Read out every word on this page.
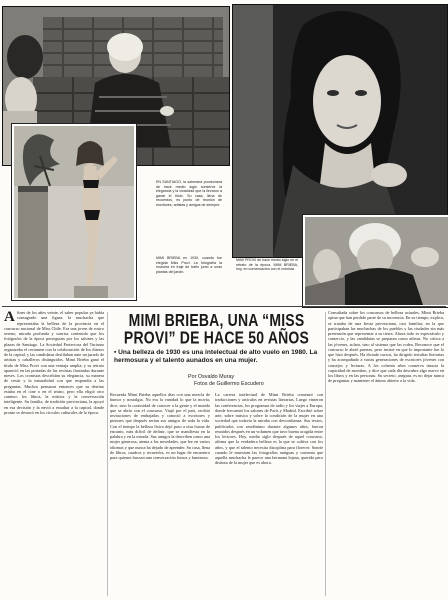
EN SANTIAGO, la soberana provinciana de hace medio siglo conserva la elegancia y la vivacidad que la llevaron a ganar el título. Su casa, llena de recuerdos, es punto de reunión de escritores, artistas y amigos de siempre.
MIMI BRIEBA en 1930, cuando fue elegida Miss Provi. La fotografía la muestra en traje de baño junto a unas plantas del jardín.
MIMI PROVI de hace medio siglo en el retrato de la época. MIMI BRIEBA, hoy, en conversación con el cronista.
MIMI BRIEBA, UNA “MISS
PROVI” DE HACE 50 AÑOS
▪ Una belleza de 1930 es una intelectual de alto vuelo en 1980. La hermosura y el talento aunados en una mujer.
Por Osvaldo Muray
Fotos de Guillermo Escudero
A fines de los años veinte, el saber popular ya había consagrado una figura, la muchacha que representaba la belleza de la provincia en el concurso nacional de Miss Chile. Era una joven de rostro sereno, mirada profunda y sonrisa contenida que los fotógrafos de la época perseguían por los salones y las plazas de Santiago. La Sociedad Protectora del Turismo organizaba el certamen con la colaboración de los diarios de la capital, y las candidatas desfilaban ante un jurado de artistas y caballeros distinguidos. Mimi Brieba ganó el título de Miss Provi con una ventaja amplia, y su retrato apareció en las portadas de las revistas ilustradas durante meses. Los cronistas describían su elegancia, su manera de vestir y la naturalidad con que respondía a las preguntas. Muchos pensaron entonces que su destino estaba en el cine o en el teatro, pero ella eligió otro camino: los libros, la música y la conversación inteligente. Su familia, de tradición provinciana, la apoyó en esa decisión y la envió a estudiar a la capital, donde pronto se destacó en los círculos culturales de la época.

Recuerda Mimi Brieba aquellos días con una mezcla de humor y nostalgia. No era la vanidad lo que la movía, dice, sino la curiosidad de conocer a la gente y el mundo que se abría con el concurso. Viajó por el país, recibió invitaciones de embajadas y conoció a escritores y pintores que después serían sus amigos de toda la vida. Con el tiempo la belleza física dejó paso a otra forma de encanto, más difícil de definir, que se manifiesta en la palabra y en la mirada. Sus amigos la describen como una mujer generosa, atenta a las novedades, que lee en varios idiomas y que nunca ha dejado de aprender. Su casa, llena de libros, cuadros y recuerdos, es un lugar de encuentro para quienes buscan una conversación franca y luminosa.

La carrera intelectual de Mimi Brieba comenzó con traducciones y artículos en revistas literarias. Luego vinieron las conferencias, los programas de radio y los viajes a Europa, donde frecuentó los salones de París y Madrid. Escribió sobre arte, sobre música y sobre la condición de la mujer en una sociedad que todavía la miraba con desconfianza. Sus textos, publicados con seudónimo durante algunos años, fueron reunidos después en un volumen que tuvo buena acogida entre los lectores. Hoy, medio siglo después de aquel concurso, afirma que la verdadera belleza es la que se cultiva con los años, y que el talento necesita disciplina para florecer. Sonríe cuando le muestran las fotografías antiguas y comenta que aquella muchacha le parece una hermana lejana, querida pero distinta de la mujer que es ahora.

Consultada sobre los concursos de belleza actuales, Mimi Brieba opina que han perdido parte de su inocencia. En su tiempo, explica, se trataba de una fiesta provinciana, casi familiar, en la que participaban las muchachas de los pueblos y las ciudades sin más pretensión que representar a su tierra. Ahora todo es espectáculo y comercio, y las candidatas se preparan como atletas. No critica a las jóvenes, aclara, sino al sistema que las rodea. Reconoce que el concurso le abrió puertas, pero insiste en que lo importante fue lo que hizo después. Ha dictado cursos, ha dirigido tertulias literarias y ha acompañado a varias generaciones de escritores jóvenes con consejos y lecturas. A los ochenta años conserva intacta la capacidad de asombro, y dice que cada día descubre algo nuevo en los libros y en las personas. Su secreto, asegura, es no dejar nunca de preguntar y mantener el ánimo abierto a la vida.
